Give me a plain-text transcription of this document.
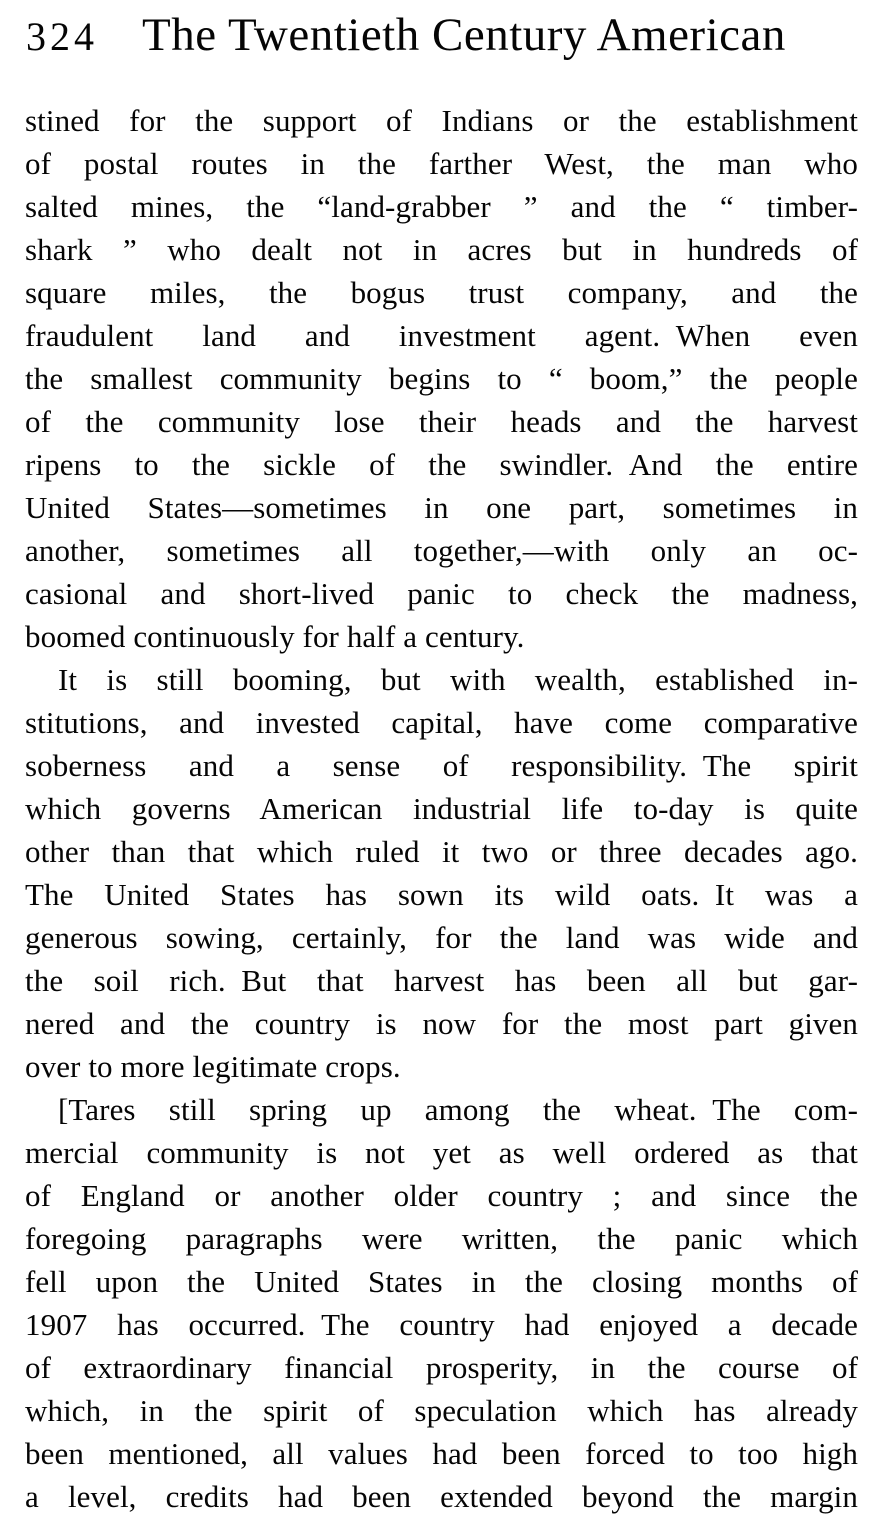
324 The Twentieth Century American
stined for the support of Indians or the establishment
of postal routes in the farther West, the man who
salted mines, the “land-grabber ” and the “ timber-
shark ” who dealt not in acres but in hundreds of
square miles, the bogus trust company, and the
fraudulent land and investment agent. When even
the smallest community begins to “ boom,” the people
of the community lose their heads and the harvest
ripens to the sickle of the swindler. And the entire
United States—sometimes in one part, sometimes in
another, sometimes all together,—with only an oc-
casional and short-lived panic to check the madness,
boomed continuously for half a century.
It is still booming, but with wealth, established in-
stitutions, and invested capital, have come comparative
soberness and a sense of responsibility. The spirit
which governs American industrial life to-day is quite
other than that which ruled it two or three decades ago.
The United States has sown its wild oats. It was a
generous sowing, certainly, for the land was wide and
the soil rich. But that harvest has been all but gar-
nered and the country is now for the most part given
over to more legitimate crops.
[Tares still spring up among the wheat. The com-
mercial community is not yet as well ordered as that
of England or another older country ; and since the
foregoing paragraphs were written, the panic which
fell upon the United States in the closing months of
1907 has occurred. The country had enjoyed a decade
of extraordinary financial prosperity, in the course of
which, in the spirit of speculation which has already
been mentioned, all values had been forced to too high
a level, credits had been extended beyond the margin
